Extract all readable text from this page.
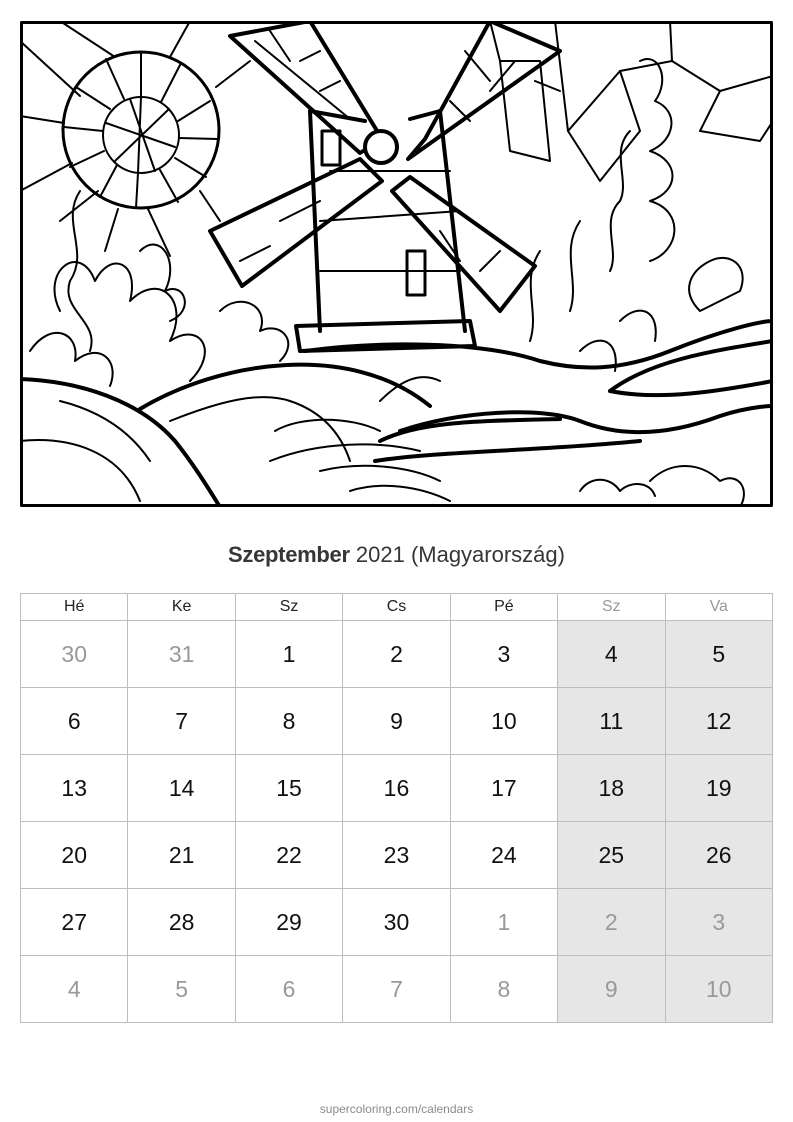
Szeptember 2021 (Magyarország)
Hé	Ke	Sz	Cs	Pé	Sz	Va
30	31	1	2	3	4	5
6	7	8	9	10	11	12
13	14	15	16	17	18	19
20	21	22	23	24	25	26
27	28	29	30	1	2	3
4	5	6	7	8	9	10
supercoloring.com/calendars
